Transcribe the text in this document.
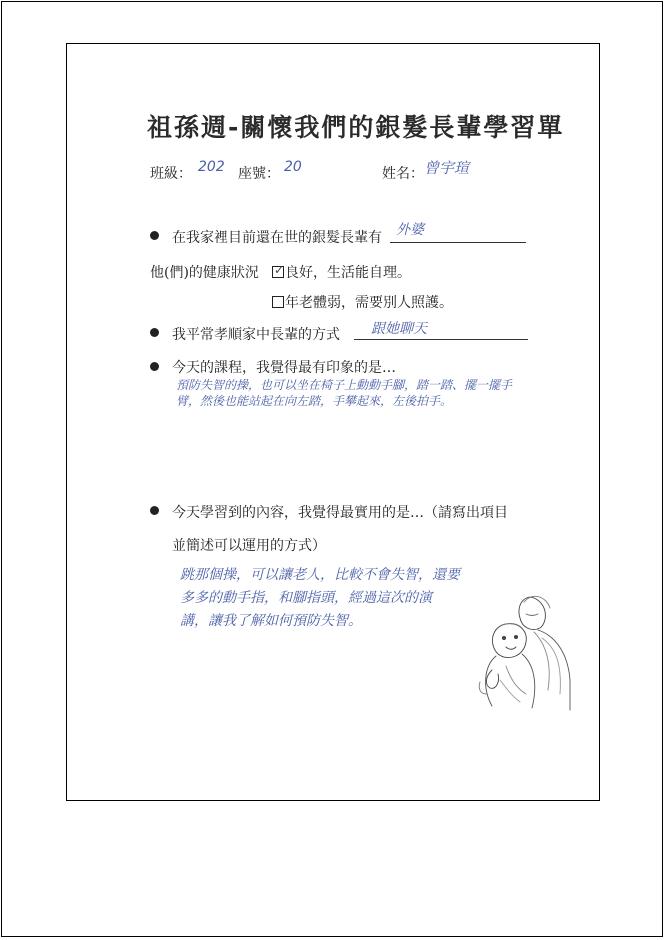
祖孫週-關懷我們的銀髮長輩學習單
班級： 202 座號： 20	姓名： 曾宇瑄
在我家裡目前還在世的銀髮長輩有 外婆
他(們)的健康狀況 ✓ 良好，生活能自理。
年老體弱，需要別人照護。
我平常孝順家中長輩的方式 跟她聊天
今天的課程，我覺得最有印象的是…
預防失智的操，也可以坐在椅子上動動手腳，踏一踏、擺一擺手
臂，然後也能站起在向左踏，手攀起來，左後拍手。
今天學習到的內容，我覺得最實用的是…（請寫出項目
並簡述可以運用的方式）
跳那個操，可以讓老人，比較不會失智，還要
多多的動手指，和腳指頭，經過這次的演
講，讓我了解如何預防失智。
